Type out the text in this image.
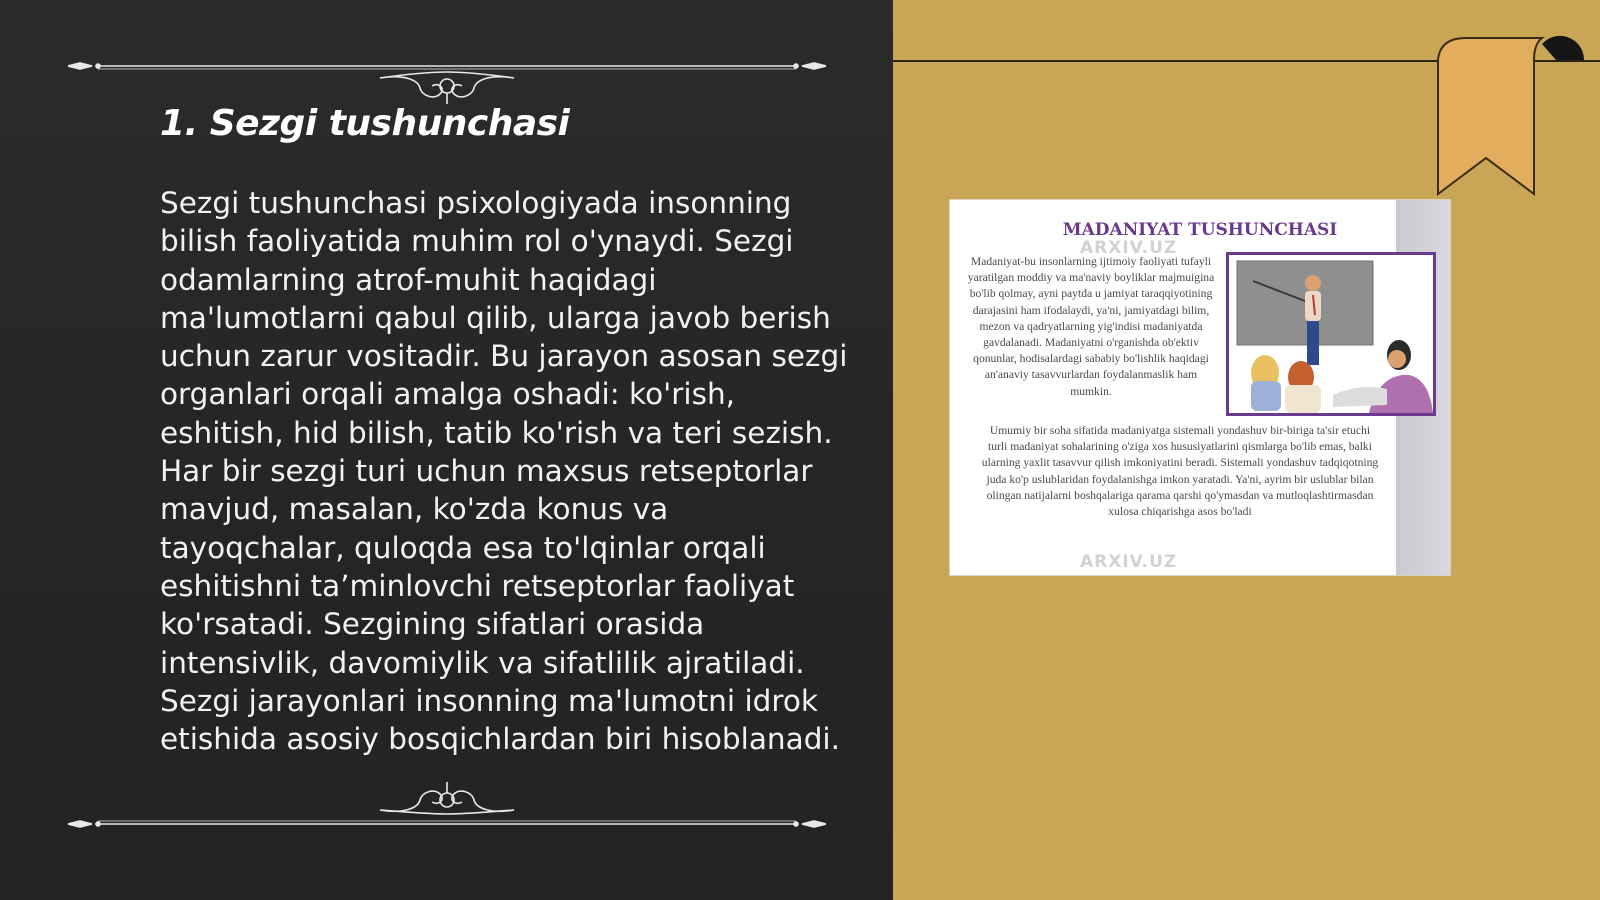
1. Sezgi tushunchasi

Sezgi tushunchasi psixologiyada insonning bilish faoliyatida muhim rol o'ynaydi. Sezgi odamlarning atrof-muhit haqidagi ma'lumotlarni qabul qilib, ularga javob berish uchun zarur vositadir. Bu jarayon asosan sezgi organlari orqali amalga oshadi: ko'rish, eshitish, hid bilish, tatib ko'rish va teri sezish. Har bir sezgi turi uchun maxsus retseptorlar mavjud, masalan, ko'zda konus va tayoqchalar, quloqda esa to'lqinlar orqali eshitishni ta’minlovchi retseptorlar faoliyat ko'rsatadi. Sezgining sifatlari orasida intensivlik, davomiylik va sifatlilik ajratiladi. Sezgi jarayonlari insonning ma'lumotni idrok etishida asosiy bosqichlardan biri hisoblanadi.

MADANIYAT TUSHUNCHASI
ARXIV.UZ
Madaniyat-bu insonlarning ijtimoiy faoliyati tufayli yaratilgan moddiy va ma'naviy boyliklar majmuigina bo'lib qolmay, ayni paytda u jamiyat taraqqiyotining darajasini ham ifodalaydi, ya'ni, jamiyatdagi bilim, mezon va qadryatlarning yig'indisi madaniyatda gavdalanadi. Madaniyatni o'rganishda ob'ektiv qonunlar, hodisalardagi sababiy bo'lishlik haqidagi an'anaviy tasavvurlardan foydalanmaslik ham mumkin.
Umumiy bir soha sifatida madaniyatga sistemali yondashuv bir-biriga ta'sir etuchi turli madaniyat sohalarining o'ziga xos hususiyatlarini qismlarga bo'lib emas, balki ularning yaxlit tasavvur qilish imkoniyatini beradi. Sistemali yondashuv tadqiqotning juda ko'p uslublaridan foydalanishga imkon yaratadi. Ya'ni, ayrim bir uslublar bilan olingan natijalarni boshqalariga qarama qarshi qo'ymasdan va mutloqlashtirmasdan xulosa chiqarishga asos bo'ladi
ARXIV.UZ
